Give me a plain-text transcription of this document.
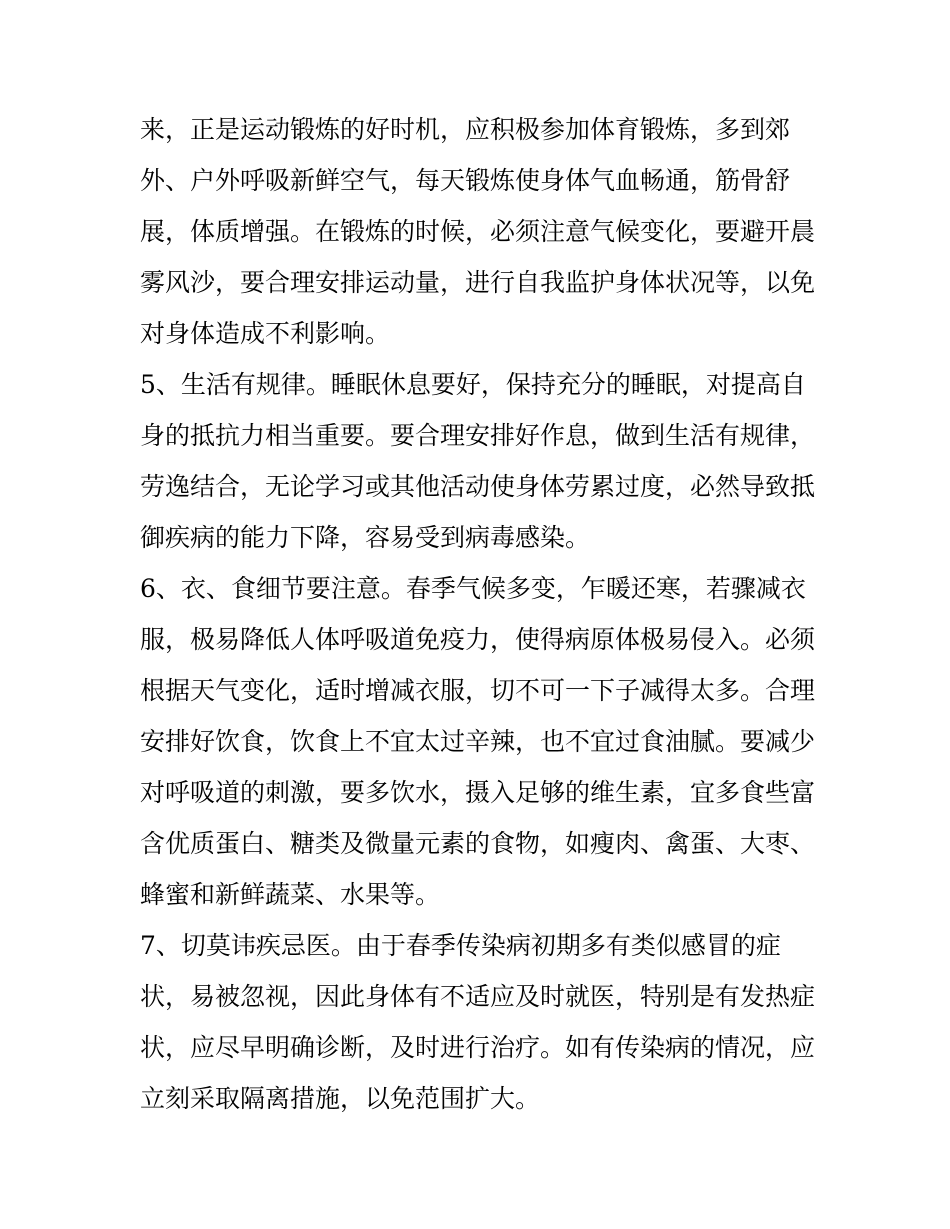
来，正是运动锻炼的好时机，应积极参加体育锻炼，多到郊
外、户外呼吸新鲜空气，每天锻炼使身体气血畅通，筋骨舒
展，体质增强。在锻炼的时候，必须注意气候变化，要避开晨
雾风沙，要合理安排运动量，进行自我监护身体状况等，以免
对身体造成不利影响。
5、生活有规律。睡眠休息要好，保持充分的睡眠，对提高自
身的抵抗力相当重要。要合理安排好作息，做到生活有规律，
劳逸结合，无论学习或其他活动使身体劳累过度，必然导致抵
御疾病的能力下降，容易受到病毒感染。
6、衣、食细节要注意。春季气候多变，乍暖还寒，若骤减衣
服，极易降低人体呼吸道免疫力，使得病原体极易侵入。必须
根据天气变化，适时增减衣服，切不可一下子减得太多。合理
安排好饮食，饮食上不宜太过辛辣，也不宜过食油腻。要减少
对呼吸道的刺激，要多饮水，摄入足够的维生素，宜多食些富
含优质蛋白、糖类及微量元素的食物，如瘦肉、禽蛋、大枣、
蜂蜜和新鲜蔬菜、水果等。
7、切莫讳疾忌医。由于春季传染病初期多有类似感冒的症
状，易被忽视，因此身体有不适应及时就医，特别是有发热症
状，应尽早明确诊断，及时进行治疗。如有传染病的情况，应
立刻采取隔离措施，以免范围扩大。
